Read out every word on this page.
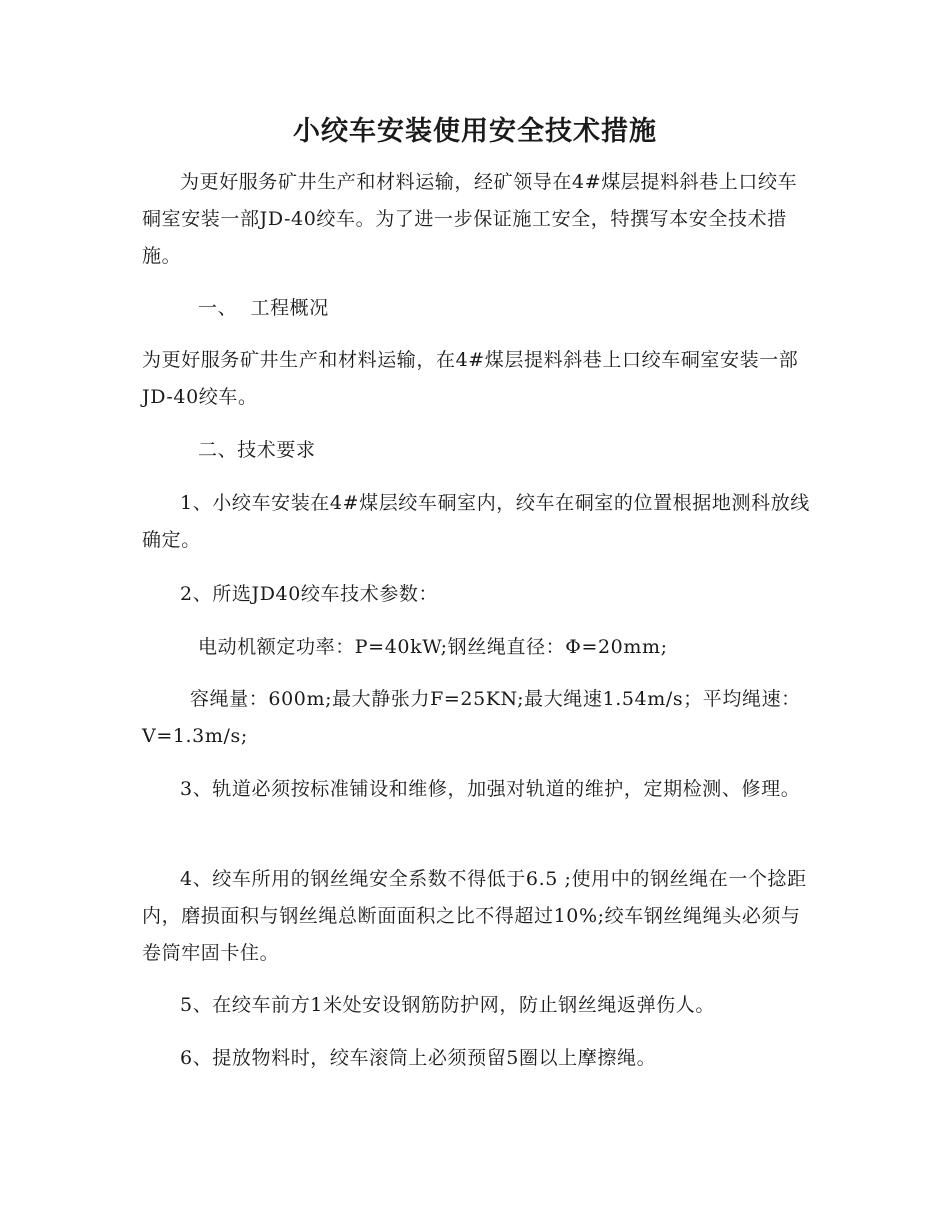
小绞车安装使用安全技术措施

为更好服务矿井生产和材料运输，经矿领导在4#煤层提料斜巷上口绞车硐室安装一部JD-40绞车。为了进一步保证施工安全，特撰写本安全技术措施。

一、  工程概况

为更好服务矿井生产和材料运输，在4#煤层提料斜巷上口绞车硐室安装一部JD-40绞车。

二、技术要求

1、小绞车安装在4#煤层绞车硐室内，绞车在硐室的位置根据地测科放线确定。

2、所选JD40绞车技术参数：

电动机额定功率：P=40kW;钢丝绳直径：Φ=20mm;

容绳量：600m;最大静张力F=25KN;最大绳速1.54m/s；平均绳速：V=1.3m/s;

3、轨道必须按标准铺设和维修，加强对轨道的维护，定期检测、修理。

4、绞车所用的钢丝绳安全系数不得低于6.5 ;使用中的钢丝绳在一个捻距内，磨损面积与钢丝绳总断面面积之比不得超过10%;绞车钢丝绳绳头必须与卷筒牢固卡住。

5、在绞车前方1米处安设钢筋防护网，防止钢丝绳返弹伤人。

6、提放物料时，绞车滚筒上必须预留5圈以上摩擦绳。
